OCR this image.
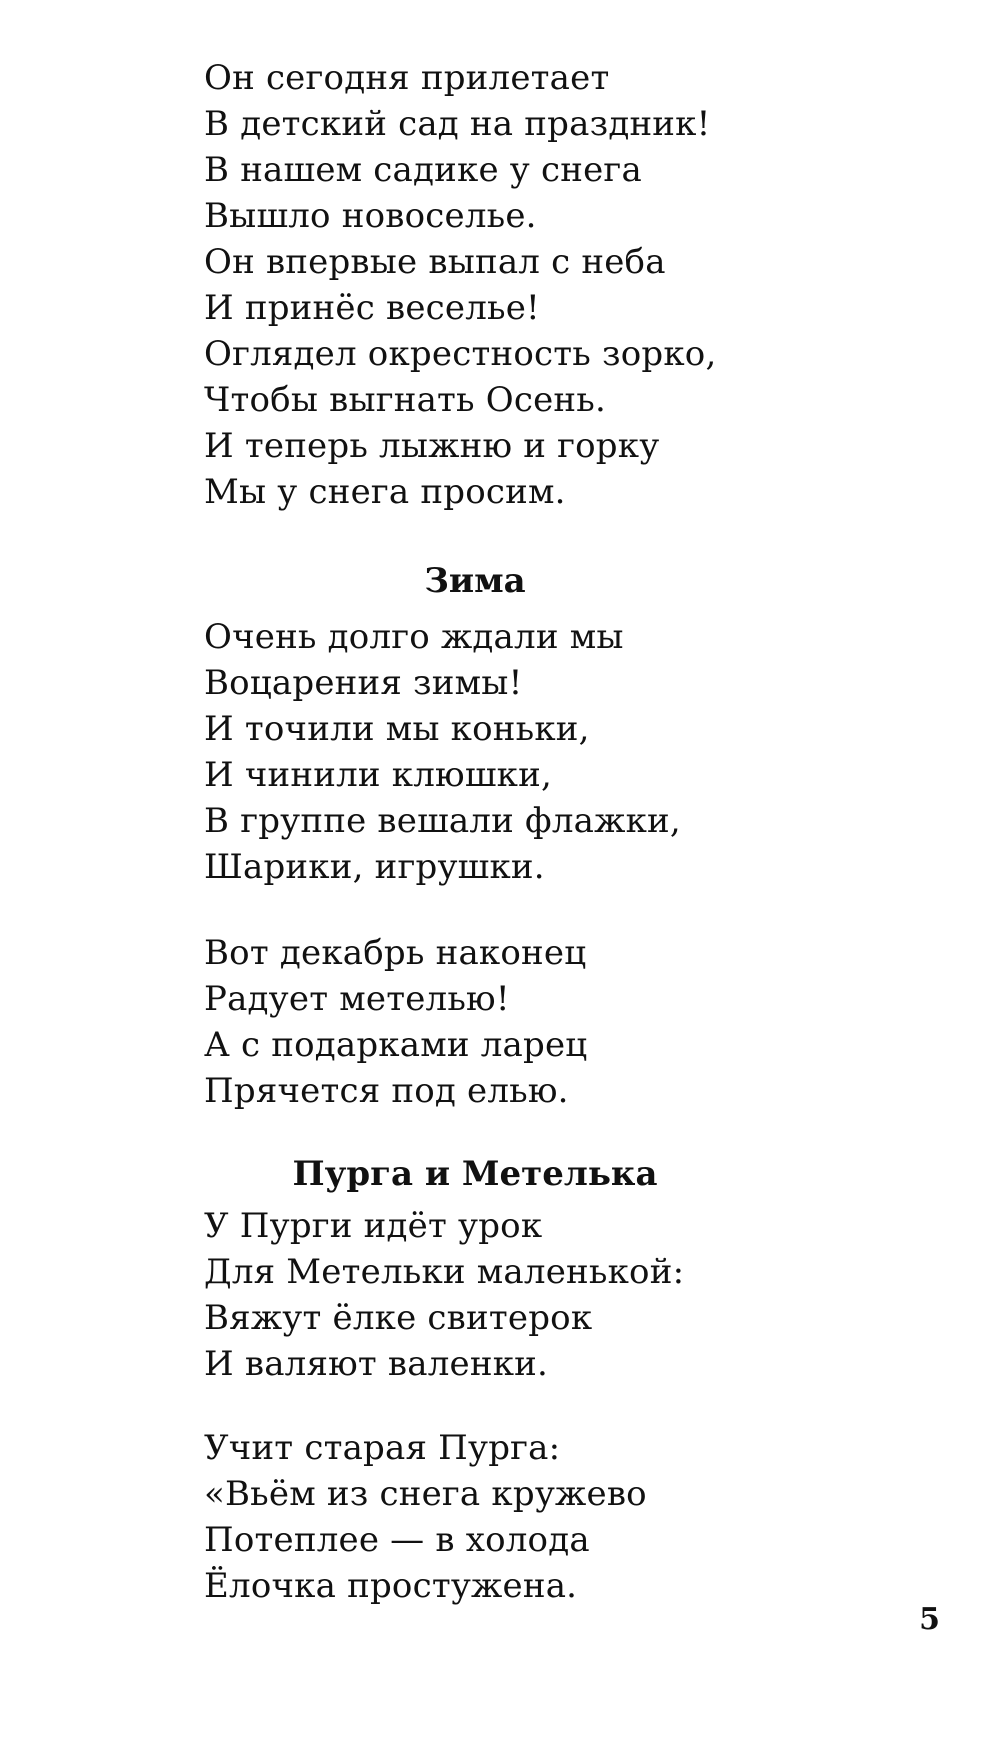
Он сегодня прилетает
В детский сад на праздник!
В нашем садике у снега
Вышло новоселье.
Он впервые выпал с неба
И принёс веселье!
Оглядел окрестность зорко,
Чтобы выгнать Осень.
И теперь лыжню и горку
Мы у снега просим.
Зима
Очень долго ждали мы
Воцарения зимы!
И точили мы коньки,
И чинили клюшки,
В группе вешали флажки,
Шарики, игрушки.
Вот декабрь наконец
Радует метелью!
А с подарками ларец
Прячется под елью.
Пурга и Метелька
У Пурги идёт урок
Для Метельки маленькой:
Вяжут ёлке свитерок
И валяют валенки.
Учит старая Пурга:
«Вьём из снега кружево
Потеплее — в холода
Ёлочка простужена.
5
